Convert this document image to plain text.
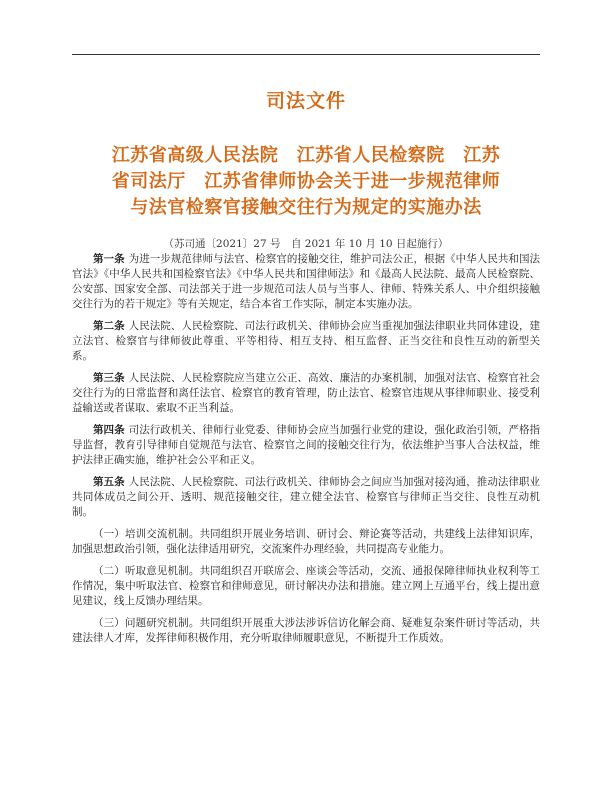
司法文件
江苏省高级人民法院　江苏省人民检察院　江苏
省司法厅　江苏省律师协会关于进一步规范律师
与法官检察官接触交往行为规定的实施办法
（苏司通〔2021〕27 号　自 2021 年 10 月 10 日起施行）

第一条 为进一步规范律师与法官、检察官的接触交往，维护司法公正，根据《中华人民共和国法官法》《中华人民共和国检察官法》《中华人民共和国律师法》和《最高人民法院、最高人民检察院、公安部、国家安全部、司法部关于进一步规范司法人员与当事人、律师、特殊关系人、中介组织接触交往行为的若干规定》等有关规定，结合本省工作实际，制定本实施办法。

第二条 人民法院、人民检察院、司法行政机关、律师协会应当重视加强法律职业共同体建设，建立法官、检察官与律师彼此尊重、平等相待、相互支持、相互监督、正当交往和良性互动的新型关系。

第三条 人民法院、人民检察院应当建立公正、高效、廉洁的办案机制，加强对法官、检察官社会交往行为的日常监督和离任法官、检察官的教育管理，防止法官、检察官违规从事律师职业、接受利益输送或者谋取、索取不正当利益。

第四条 司法行政机关、律师行业党委、律师协会应当加强行业党的建设，强化政治引领，严格指导监督，教育引导律师自觉规范与法官、检察官之间的接触交往行为，依法维护当事人合法权益，维护法律正确实施，维护社会公平和正义。

第五条 人民法院、人民检察院、司法行政机关、律师协会之间应当加强对接沟通，推动法律职业共同体成员之间公开、透明、规范接触交往，建立健全法官、检察官与律师正当交往、良性互动机制。

（一）培训交流机制。共同组织开展业务培训、研讨会、辩论赛等活动，共建线上法律知识库，加强思想政治引领，强化法律适用研究，交流案件办理经验，共同提高专业能力。

（二）听取意见机制。共同组织召开联席会、座谈会等活动，交流、通报保障律师执业权利等工作情况，集中听取法官、检察官和律师意见，研讨解决办法和措施。建立网上互通平台，线上提出意见建议，线上反馈办理结果。

（三）问题研究机制。共同组织开展重大涉法涉诉信访化解会商、疑难复杂案件研讨等活动，共建法律人才库，发挥律师积极作用，充分听取律师履职意见，不断提升工作质效。
